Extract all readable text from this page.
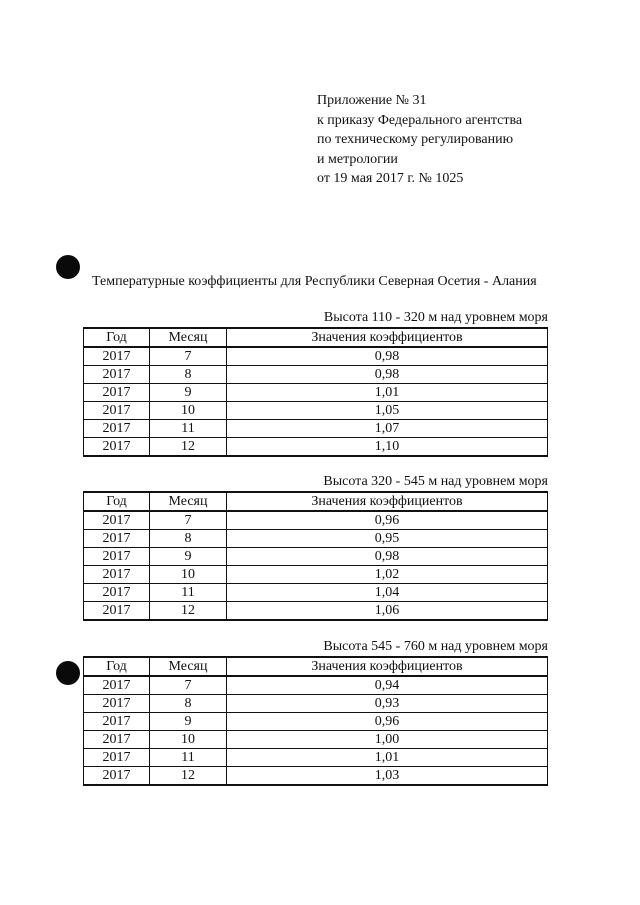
Приложение № 31
к приказу Федерального агентства
по техническому регулированию
и метрологии
от 19 мая 2017 г. № 1025
Температурные коэффициенты для Республики Северная Осетия - Алания
Высота 110 - 320 м над уровнем моря
Год	Месяц	Значения коэффициентов
2017	7	0,98
2017	8	0,98
2017	9	1,01
2017	10	1,05
2017	11	1,07
2017	12	1,10
Высота 320 - 545 м над уровнем моря
Год	Месяц	Значения коэффициентов
2017	7	0,96
2017	8	0,95
2017	9	0,98
2017	10	1,02
2017	11	1,04
2017	12	1,06
Высота 545 - 760 м над уровнем моря
Год	Месяц	Значения коэффициентов
2017	7	0,94
2017	8	0,93
2017	9	0,96
2017	10	1,00
2017	11	1,01
2017	12	1,03
